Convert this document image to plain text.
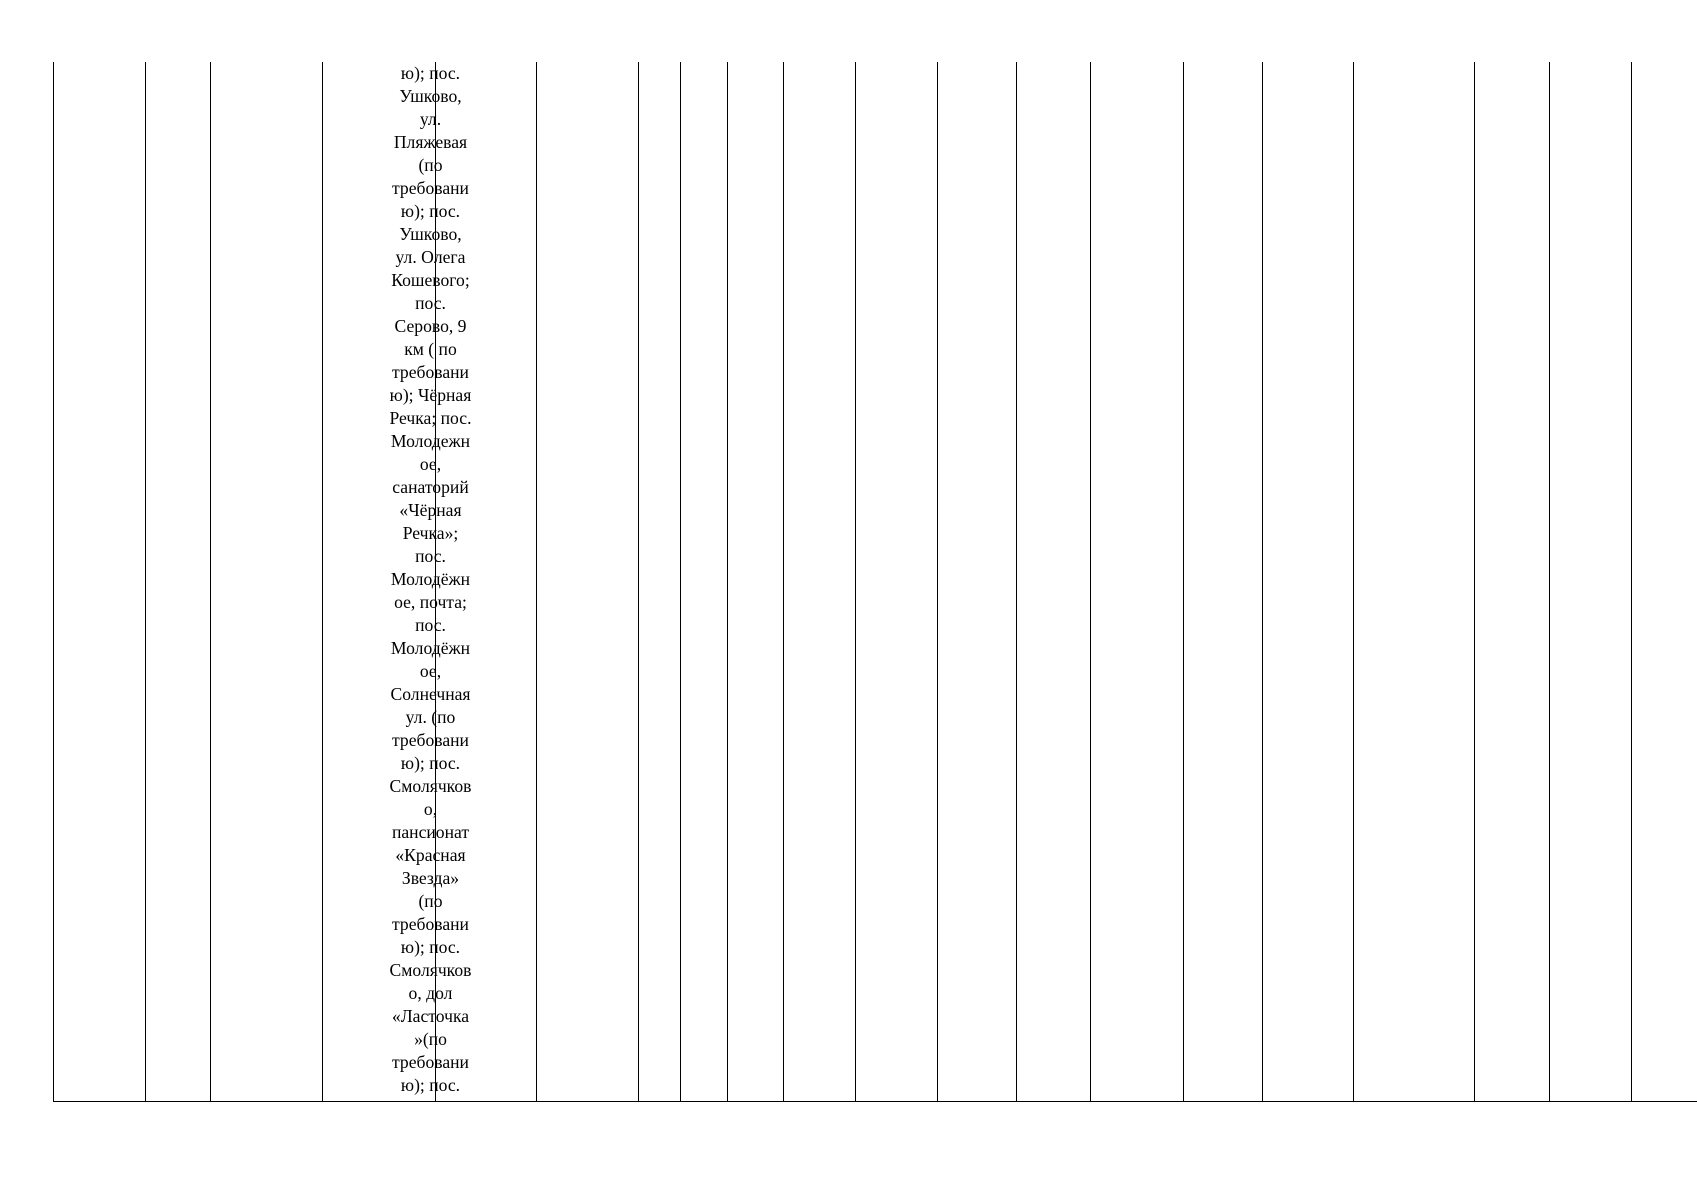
ю); пос.
Ушково,
ул.
Пляжевая
(по
требовани
ю); пос.
Ушково,
ул. Олега
Кошевого;
пос.
Серово, 9
км ( по
требовани
ю); Чёрная
Речка; пос.
Молодежн
ое,
санаторий
«Чёрная
Речка»;
пос.
Молодёжн
ое, почта;
пос.
Молодёжн
ое,
Солнечная
ул. (по
требовани
ю); пос.
Смолячков
о,
пансионат
«Красная
Звезда»
(по
требовани
ю); пос.
Смолячков
о, дол
«Ласточка
»(по
требовани
ю); пос.
